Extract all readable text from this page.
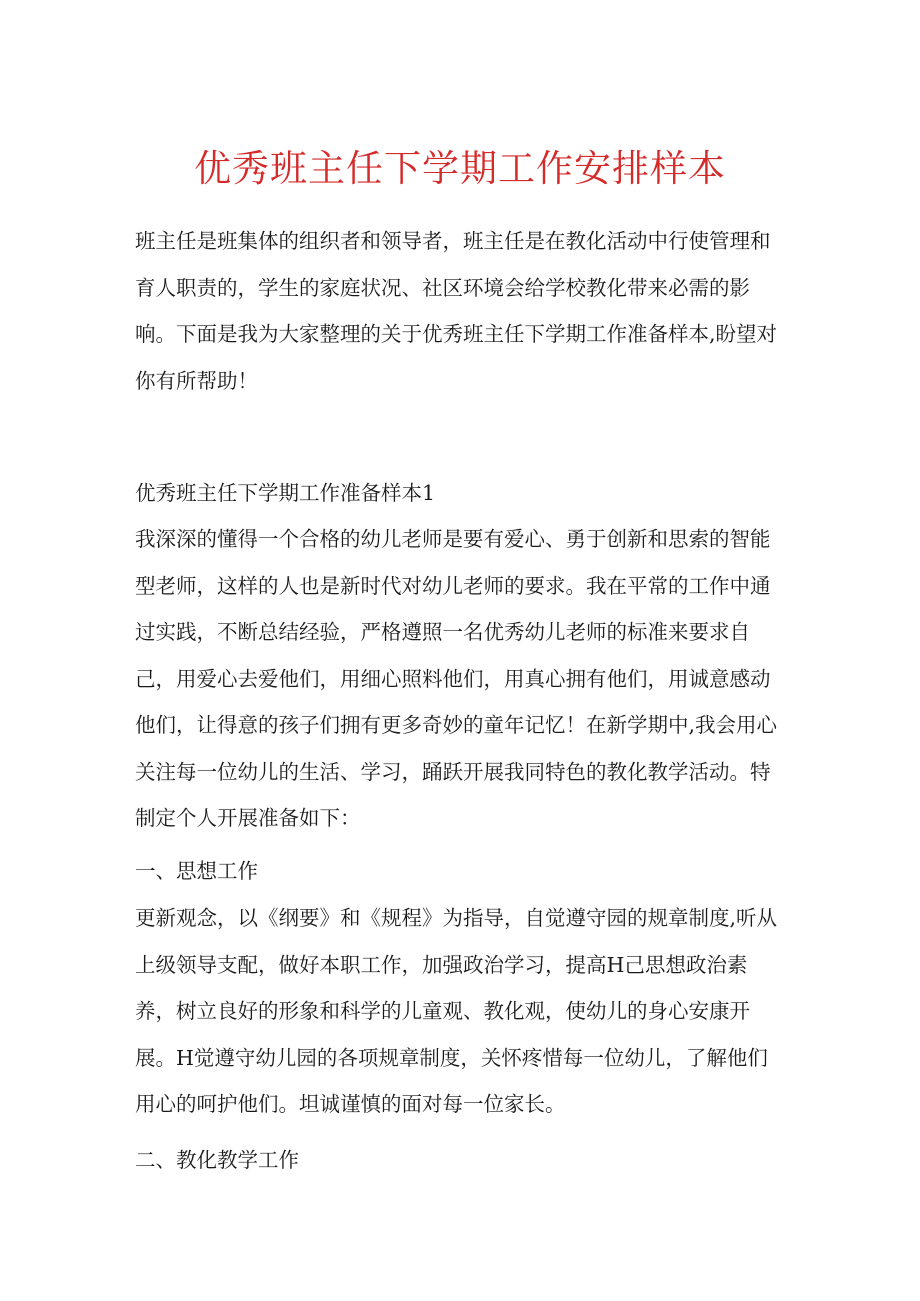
优秀班主任下学期工作安排样本

班主任是班集体的组织者和领导者，班主任是在教化活动中行使管理和育人职责的，学生的家庭状况、社区环境会给学校教化带来必需的影响。下面是我为大家整理的关于优秀班主任下学期工作准备样本,盼望对你有所帮助！

优秀班主任下学期工作准备样本1

我深深的懂得一个合格的幼儿老师是要有爱心、勇于创新和思索的智能型老师，这样的人也是新时代对幼儿老师的要求。我在平常的工作中通过实践，不断总结经验，严格遵照一名优秀幼儿老师的标准来要求自己，用爱心去爱他们，用细心照料他们，用真心拥有他们，用诚意感动他们，让得意的孩子们拥有更多奇妙的童年记忆！在新学期中,我会用心关注每一位幼儿的生活、学习，踊跃开展我同特色的教化教学活动。特制定个人开展准备如下：

一、思想工作

更新观念，以《纲要》和《规程》为指导，自觉遵守园的规章制度,听从上级领导支配，做好本职工作，加强政治学习，提高H己思想政治素养，树立良好的形象和科学的儿童观、教化观，使幼儿的身心安康开展。H觉遵守幼儿园的各项规章制度，关怀疼惜每一位幼儿，了解他们用心的呵护他们。坦诚谨慎的面对每一位家长。

二、教化教学工作
